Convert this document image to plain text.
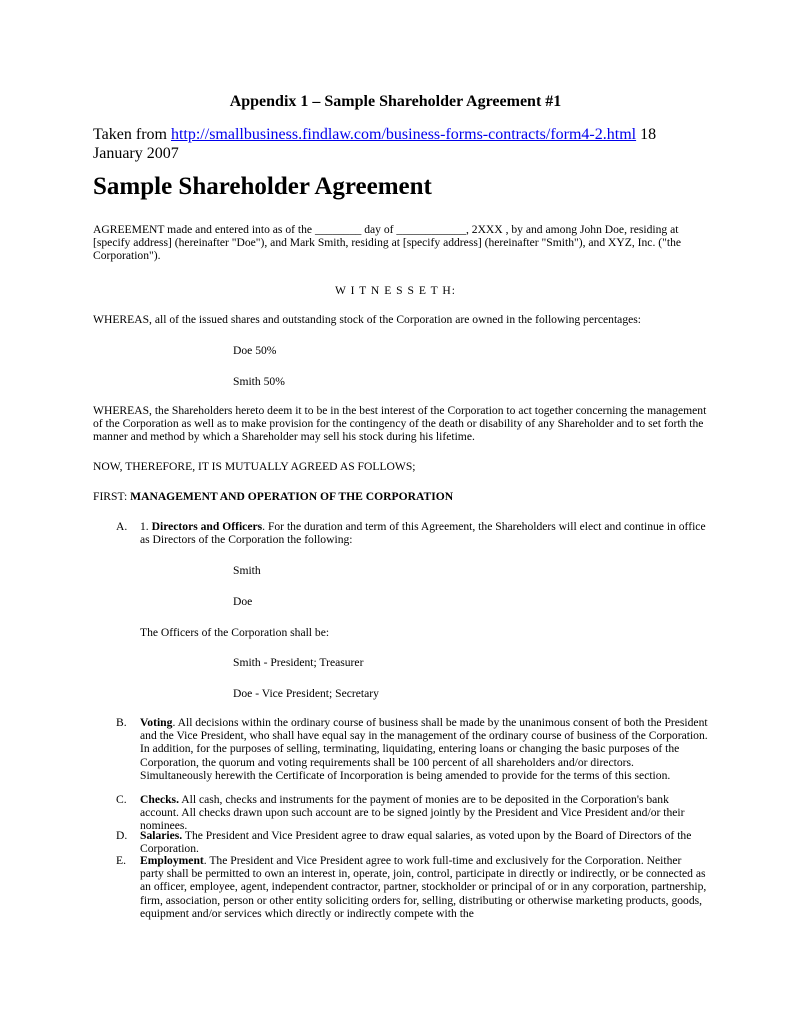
Appendix 1 – Sample Shareholder Agreement #1
Taken from http://smallbusiness.findlaw.com/business-forms-contracts/form4-2.html 18 January 2007
Sample Shareholder Agreement

AGREEMENT made and entered into as of the ________ day of ____________, 2XXX , by and among John Doe, residing at [specify address] (hereinafter "Doe"), and Mark Smith, residing at [specify address] (hereinafter "Smith"), and XYZ, Inc. ("the Corporation").

W I T N E S S E T H:

WHEREAS, all of the issued shares and outstanding stock of the Corporation are owned in the following percentages:

Doe 50%

Smith 50%

WHEREAS, the Shareholders hereto deem it to be in the best interest of the Corporation to act together concerning the management of the Corporation as well as to make provision for the contingency of the death or disability of any Shareholder and to set forth the manner and method by which a Shareholder may sell his stock during his lifetime.

NOW, THEREFORE, IT IS MUTUALLY AGREED AS FOLLOWS;

FIRST: MANAGEMENT AND OPERATION OF THE CORPORATION

A. 1. Directors and Officers. For the duration and term of this Agreement, the Shareholders will elect and continue in office as Directors of the Corporation the following:

Smith

Doe

The Officers of the Corporation shall be:

Smith - President; Treasurer

Doe - Vice President; Secretary

B. Voting. All decisions within the ordinary course of business shall be made by the unanimous consent of both the President and the Vice President, who shall have equal say in the management of the ordinary course of business of the Corporation. In addition, for the purposes of selling, terminating, liquidating, entering loans or changing the basic purposes of the Corporation, the quorum and voting requirements shall be 100 percent of all shareholders and/or directors. Simultaneously herewith the Certificate of Incorporation is being amended to provide for the terms of this section.
C. Checks. All cash, checks and instruments for the payment of monies are to be deposited in the Corporation's bank account. All checks drawn upon such account are to be signed jointly by the President and Vice President and/or their nominees.
D. Salaries. The President and Vice President agree to draw equal salaries, as voted upon by the Board of Directors of the Corporation.
E. Employment. The President and Vice President agree to work full-time and exclusively for the Corporation. Neither party shall be permitted to own an interest in, operate, join, control, participate in directly or indirectly, or be connected as an officer, employee, agent, independent contractor, partner, stockholder or principal of or in any corporation, partnership, firm, association, person or other entity soliciting orders for, selling, distributing or otherwise marketing products, goods, equipment and/or services which directly or indirectly compete with the
